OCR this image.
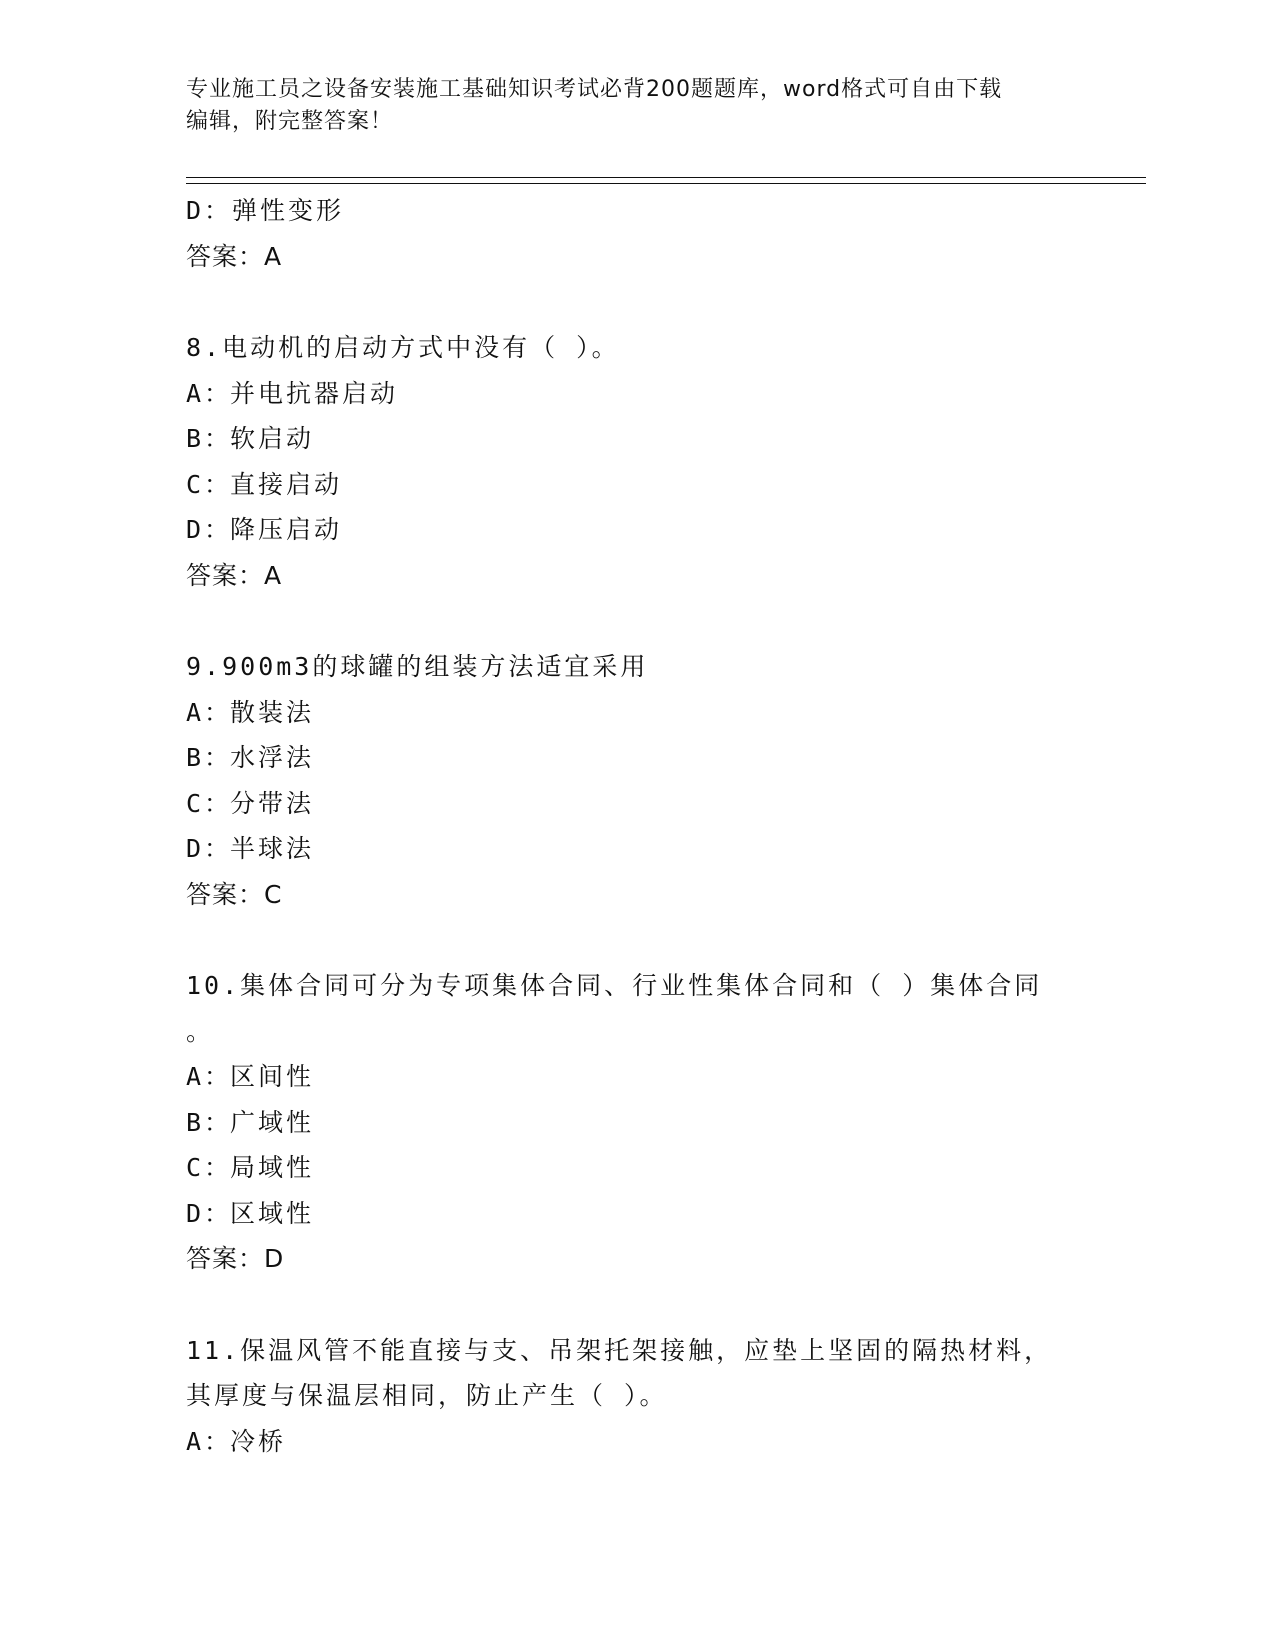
专业施工员之设备安装施工基础知识考试必背200题题库，word格式可自由下载
编辑，附完整答案！
D：弹性变形
答案：A
8.电动机的启动方式中没有（ ）。
A：并电抗器启动
B：软启动
C：直接启动
D：降压启动
答案：A
9.900m3的球罐的组装方法适宜采用
A：散装法
B：水浮法
C：分带法
D：半球法
答案：C
10.集体合同可分为专项集体合同、行业性集体合同和（ ）集体合同
。
A：区间性
B：广域性
C：局域性
D：区域性
答案：D
11.保温风管不能直接与支、吊架托架接触，应垫上坚固的隔热材料，
其厚度与保温层相同，防止产生（ ）。
A：冷桥
